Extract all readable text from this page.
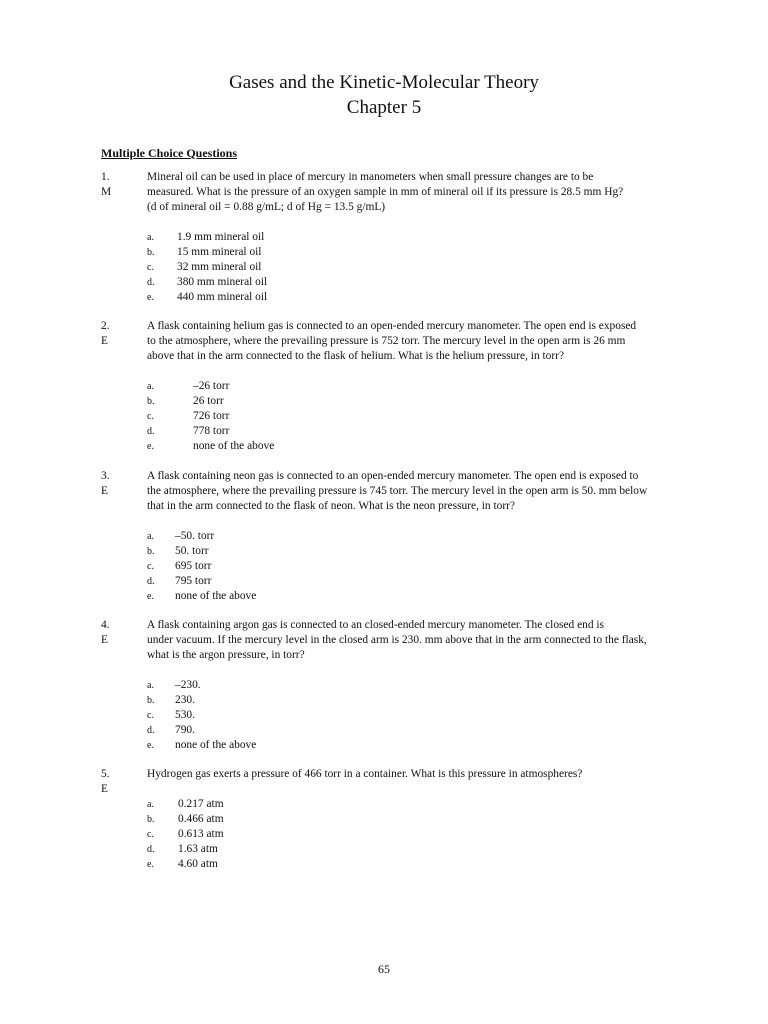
Gases and the Kinetic-Molecular Theory
Chapter 5
Multiple Choice Questions
1.
M
Mineral oil can be used in place of mercury in manometers when small pressure changes are to be
measured. What is the pressure of an oxygen sample in mm of mineral oil if its pressure is 28.5 mm Hg?
(d of mineral oil = 0.88 g/mL; d of Hg = 13.5 g/mL)
a. 1.9 mm mineral oil
b. 15 mm mineral oil
c. 32 mm mineral oil
d. 380 mm mineral oil
e. 440 mm mineral oil
2.
E
A flask containing helium gas is connected to an open-ended mercury manometer. The open end is exposed
to the atmosphere, where the prevailing pressure is 752 torr. The mercury level in the open arm is 26 mm
above that in the arm connected to the flask of helium. What is the helium pressure, in torr?
a.	–26 torr
b.	26 torr
c.	726 torr
d.	778 torr
e.	none of the above
3.
E
A flask containing neon gas is connected to an open-ended mercury manometer. The open end is exposed to
the atmosphere, where the prevailing pressure is 745 torr. The mercury level in the open arm is 50. mm below
that in the arm connected to the flask of neon. What is the neon pressure, in torr?
a. –50. torr
b. 50. torr
c. 695 torr
d. 795 torr
e. none of the above
4.
E
A flask containing argon gas is connected to an closed-ended mercury manometer. The closed end is
under vacuum. If the mercury level in the closed arm is 230. mm above that in the arm connected to the flask,
what is the argon pressure, in torr?
a. –230.
b. 230.
c. 530.
d. 790.
e. none of the above
5.
E
Hydrogen gas exerts a pressure of 466 torr in a container. What is this pressure in atmospheres?
a. 0.217 atm
b. 0.466 atm
c. 0.613 atm
d. 1.63 atm
e. 4.60 atm
65
